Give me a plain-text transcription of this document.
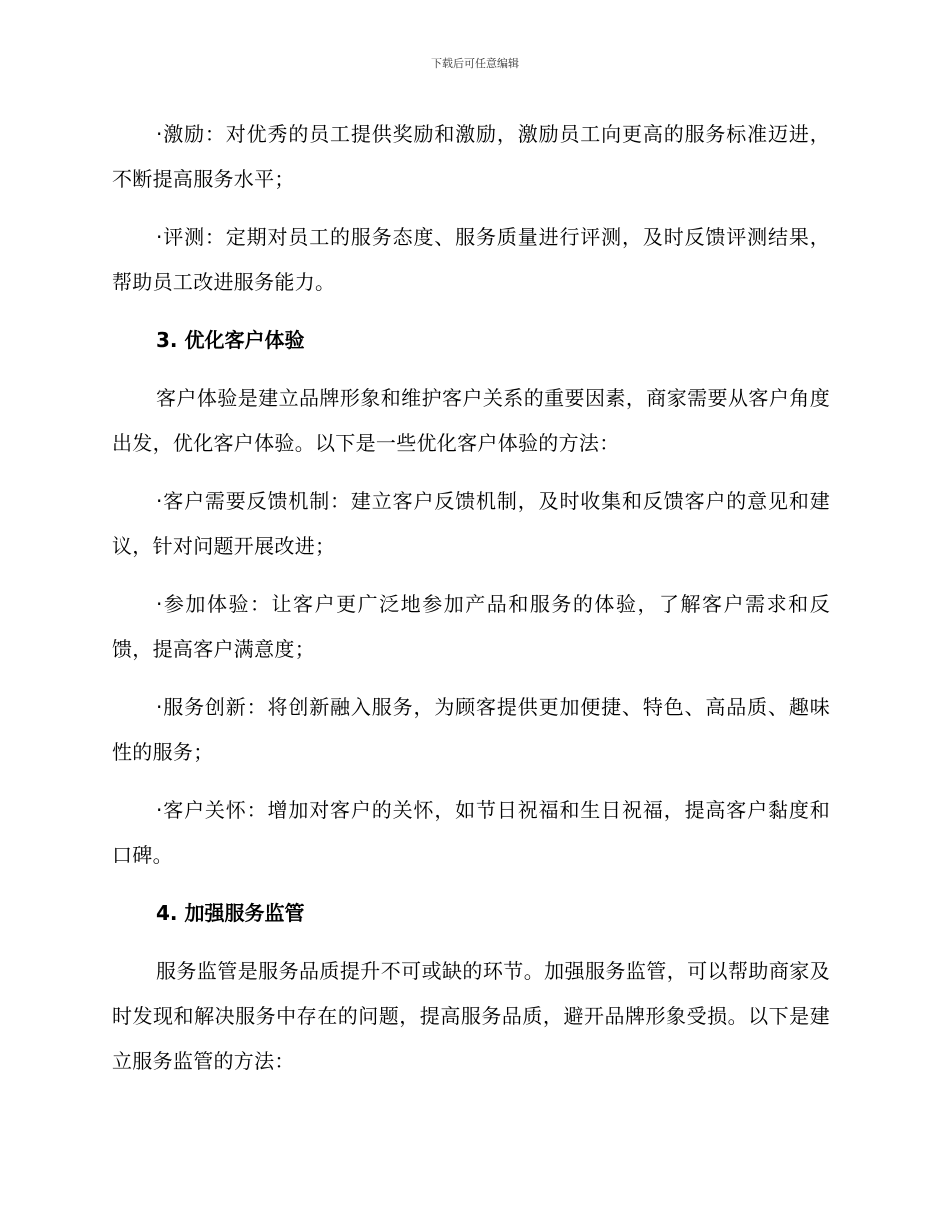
下载后可任意编辑

·激励：对优秀的员工提供奖励和激励，激励员工向更高的服务标准迈进，不断提高服务水平；

·评测：定期对员工的服务态度、服务质量进行评测，及时反馈评测结果，帮助员工改进服务能力。

3. 优化客户体验

客户体验是建立品牌形象和维护客户关系的重要因素，商家需要从客户角度出发，优化客户体验。以下是一些优化客户体验的方法：

·客户需要反馈机制：建立客户反馈机制，及时收集和反馈客户的意见和建议，针对问题开展改进；

·参加体验：让客户更广泛地参加产品和服务的体验，了解客户需求和反馈，提高客户满意度；

·服务创新：将创新融入服务，为顾客提供更加便捷、特色、高品质、趣味性的服务；

·客户关怀：增加对客户的关怀，如节日祝福和生日祝福，提高客户黏度和口碑。

4. 加强服务监管

服务监管是服务品质提升不可或缺的环节。加强服务监管，可以帮助商家及时发现和解决服务中存在的问题，提高服务品质，避开品牌形象受损。以下是建立服务监管的方法：
